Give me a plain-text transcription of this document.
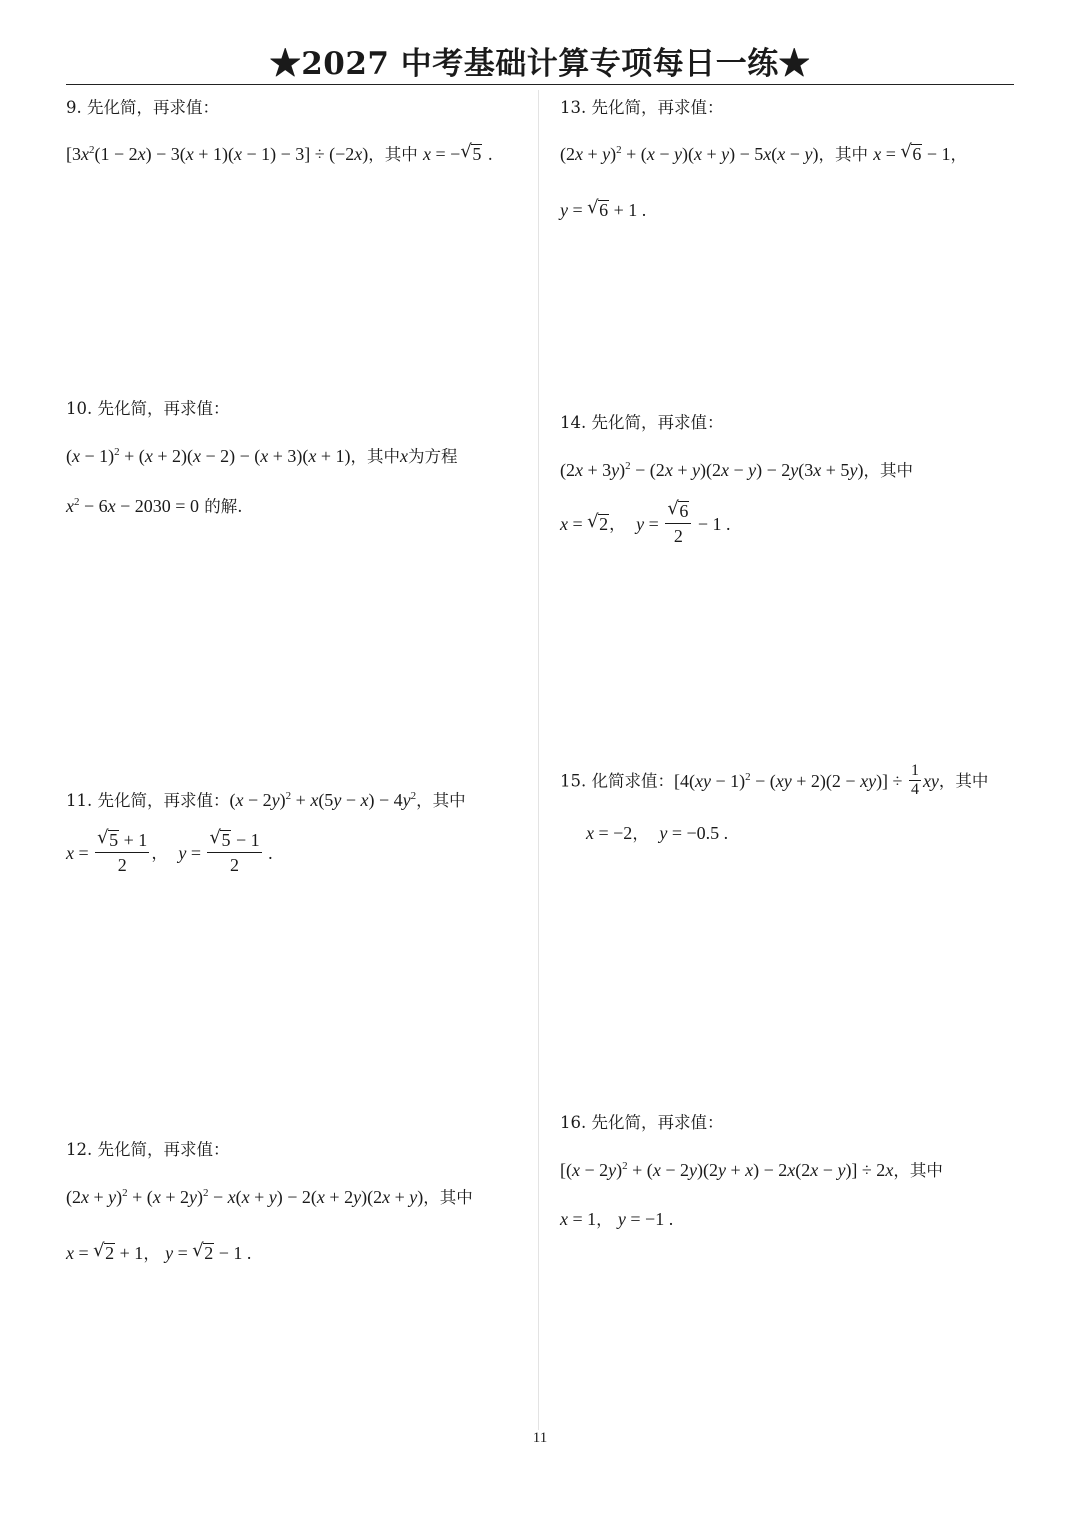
★2027 中考基础计算专项每日一练★
9. 先化简，再求值：
$[3x^2(1 - 2x) - 3(x + 1)(x - 1) - 3] \div (-2x)$，其中 x = − √ 5 .
10. 先化简，再求值：
$(x - 1)^2 + (x + 2)(x - 2) - (x + 3)(x + 1)$，其中x为方程
$x^2 - 6x - 2030 = 0$ 的解.
11. 先化简，再求值：$(x - 2y)^2 + x(5y - x) - 4y^2$，其中
x = √ $\frac{5 + 1}{2}$ ，  y = √ $\frac{5 - 1}{2}$ .
12. 先化简，再求值：
$(2x + y)^2 + (x + 2y)^2 - x(x + y) - 2(x + 2y)(2x + y)$，其中
x = √ 2 + 1， y = √ 2 − 1 .
13. 先化简，再求值：
$(2x + y)^2 + (x - y)(x + y) - 5x(x - y)$，其中 x = √ 6 − 1，
y = √ 6 + 1 .
14. 先化简，再求值：
$(2x + 3y)^2 - (2x + y)(2x - y) - 2y(3x + 5y)$，其中
x = √ 2，  y = √ $\frac{6}{2} - 1$ .
15. 化简求值：$[4(xy - 1)^2 - (xy + 2)(2 - xy)] \div \frac{1}{4}$ xy，其中
x = −2，  y = −0.5 .
16. 先化简，再求值：
$[(x - 2y)^2 + (x - 2y)(2y + x) - 2x(2x - y)] \div 2x$，其中
x = 1， y = −1 .
11
